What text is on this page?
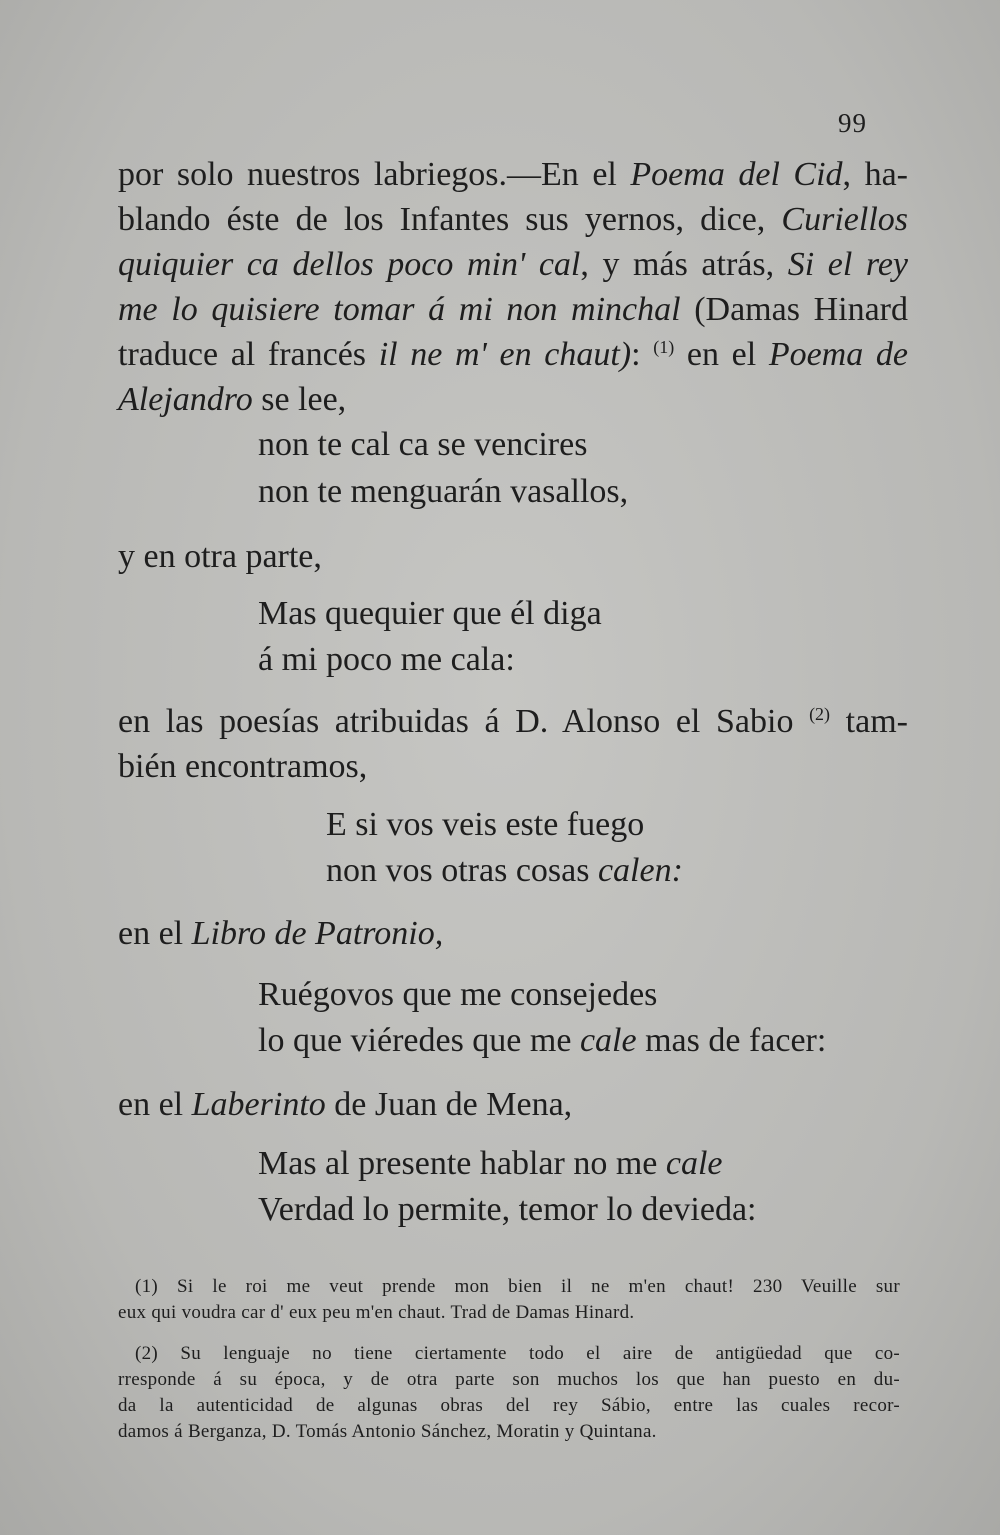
99
por solo nuestros labriegos.—En el Poema del Cid, ha-
blando éste de los Infantes sus yernos, dice, Curiellos
quiquier ca dellos poco min' cal, y más atrás, Si el rey
me lo quisiere tomar á mi non minchal (Damas Hinard
traduce al francés il ne m' en chaut): $^{(1)}$ en el Poema de
Alejandro se lee,
non te cal ca se vencires
non te menguarán vasallos,
y en otra parte,
Mas quequier que él diga
á mi poco me cala:
en las poesías atribuidas á D. Alonso el Sabio $^{(2)}$ tam-
bién encontramos,
E si vos veis este fuego
non vos otras cosas calen:
en el Libro de Patronio,
Ruégovos que me consejedes
lo que viéredes que me cale mas de facer:
en el Laberinto de Juan de Mena,
Mas al presente hablar no me cale
Verdad lo permite, temor lo devieda:
(1) Si le roi me veut prende mon bien il ne m'en chaut! 230 Veuille sur
eux qui voudra car d' eux peu m'en chaut. Trad de Damas Hinard.
(2) Su lenguaje no tiene ciertamente todo el aire de antigüedad que co-
rresponde á su época, y de otra parte son muchos los que han puesto en du-
da la autenticidad de algunas obras del rey Sábio, entre las cuales recor-
damos á Berganza, D. Tomás Antonio Sánchez, Moratin y Quintana.
